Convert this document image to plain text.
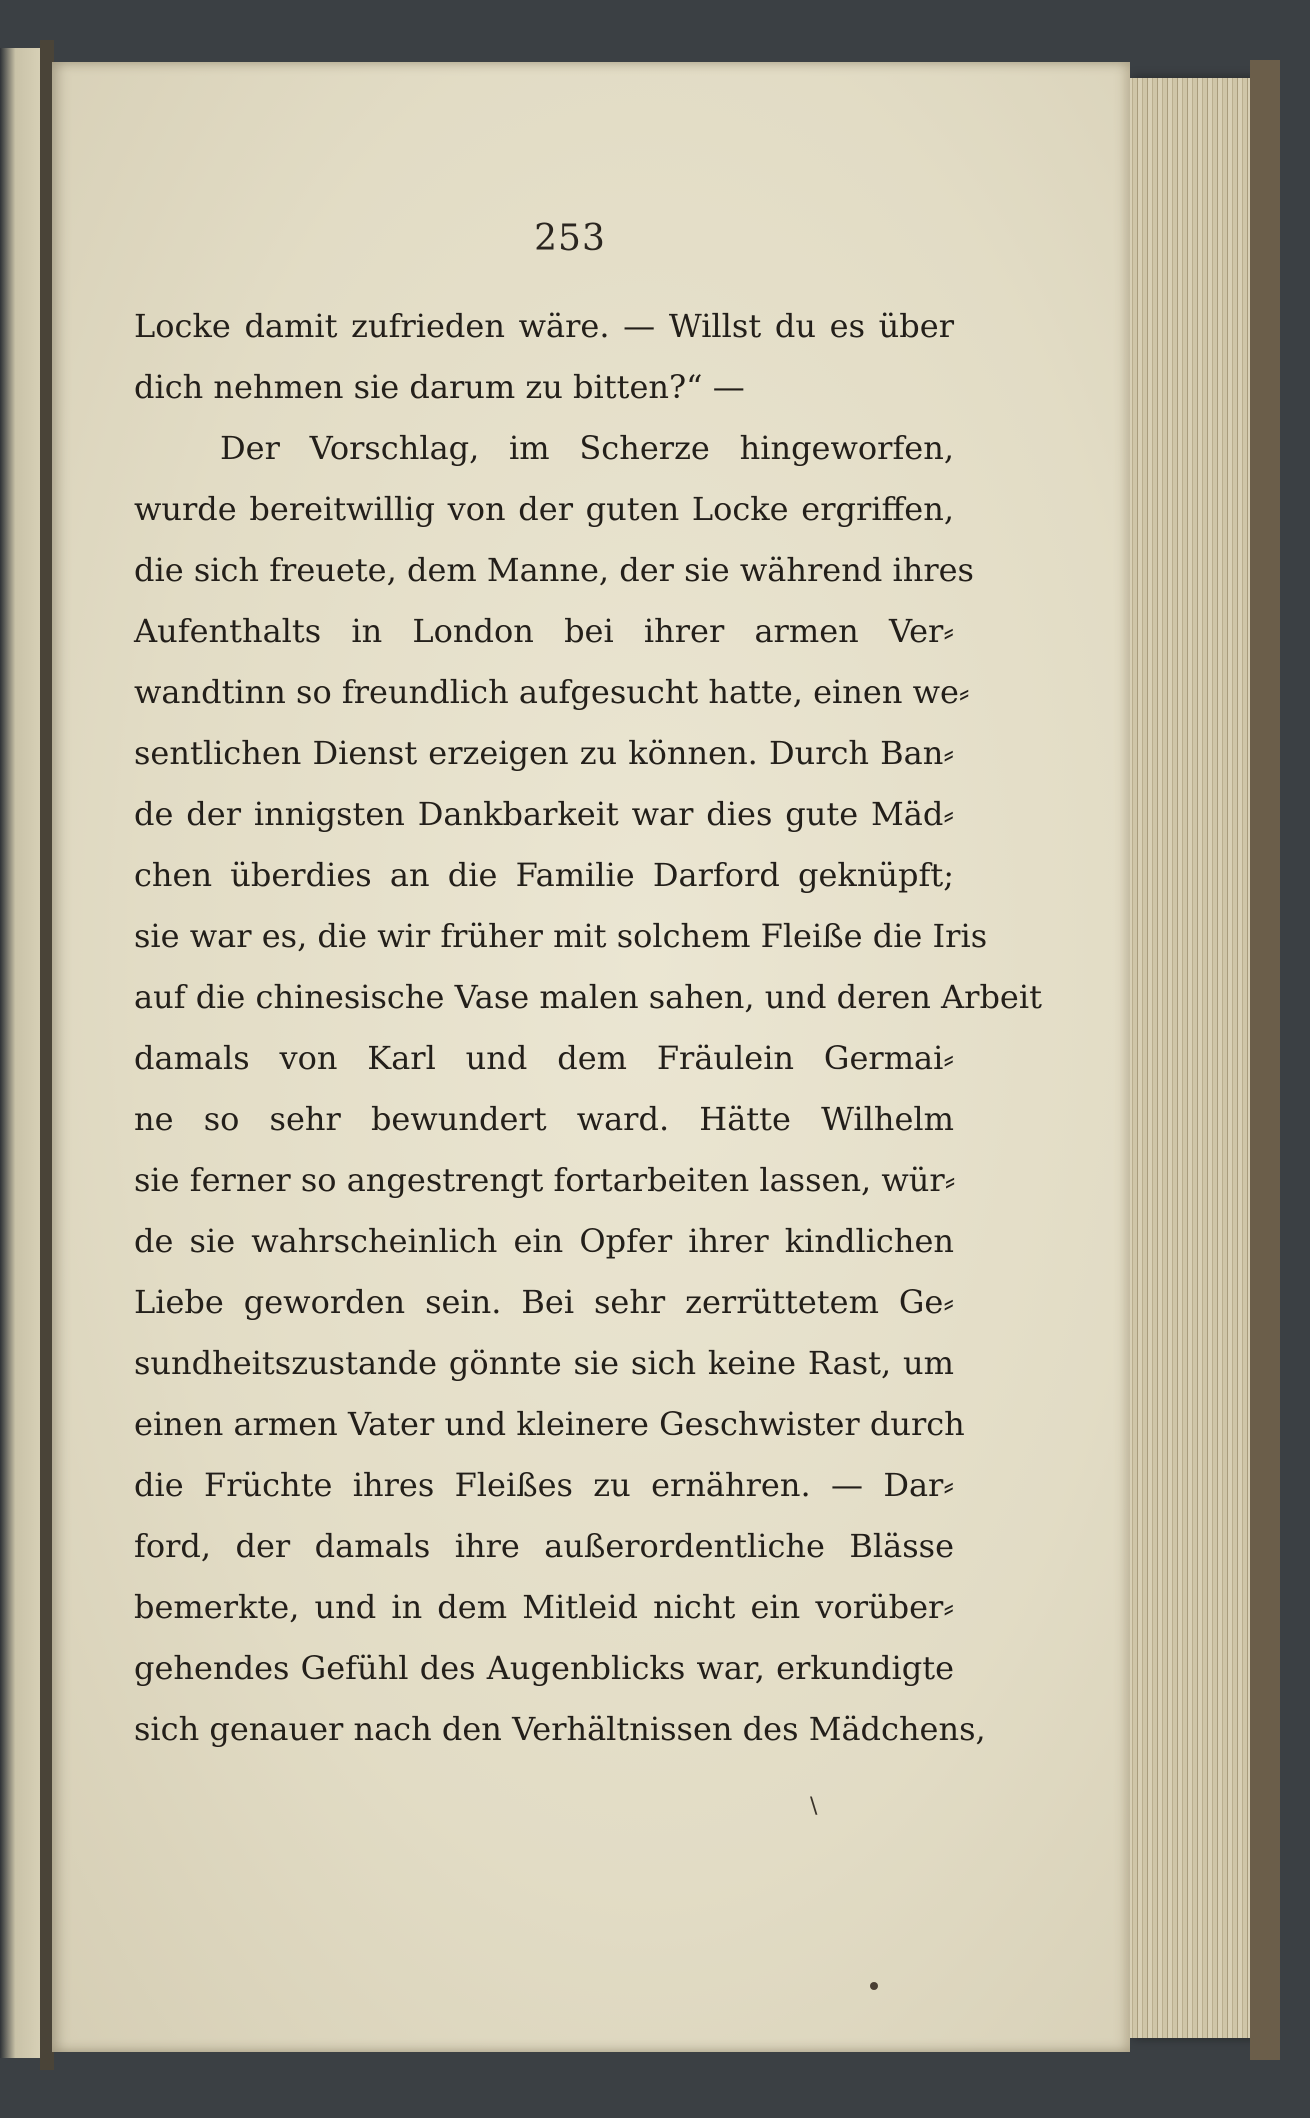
253
Locke damit zufrieden wäre. — Willst du es über
dich nehmen sie darum zu bitten?“ —
Der Vorschlag, im Scherze hingeworfen,
wurde bereitwillig von der guten Locke ergriffen,
die sich freuete, dem Manne, der sie während ihres
Aufenthalts in London bei ihrer armen Ver⸗
wandtinn so freundlich aufgesucht hatte, einen we⸗
sentlichen Dienst erzeigen zu können. Durch Ban⸗
de der innigsten Dankbarkeit war dies gute Mäd⸗
chen überdies an die Familie Darford geknüpft;
sie war es, die wir früher mit solchem Fleiße die Iris
auf die chinesische Vase malen sahen, und deren Arbeit
damals von Karl und dem Fräulein Germai⸗
ne so sehr bewundert ward. Hätte Wilhelm
sie ferner so angestrengt fortarbeiten lassen, wür⸗
de sie wahrscheinlich ein Opfer ihrer kindlichen
Liebe geworden sein. Bei sehr zerrüttetem Ge⸗
sundheitszustande gönnte sie sich keine Rast, um
einen armen Vater und kleinere Geschwister durch
die Früchte ihres Fleißes zu ernähren. — Dar⸗
ford, der damals ihre außerordentliche Blässe
bemerkte, und in dem Mitleid nicht ein vorüber⸗
gehendes Gefühl des Augenblicks war, erkundigte
sich genauer nach den Verhältnissen des Mädchens,
\
